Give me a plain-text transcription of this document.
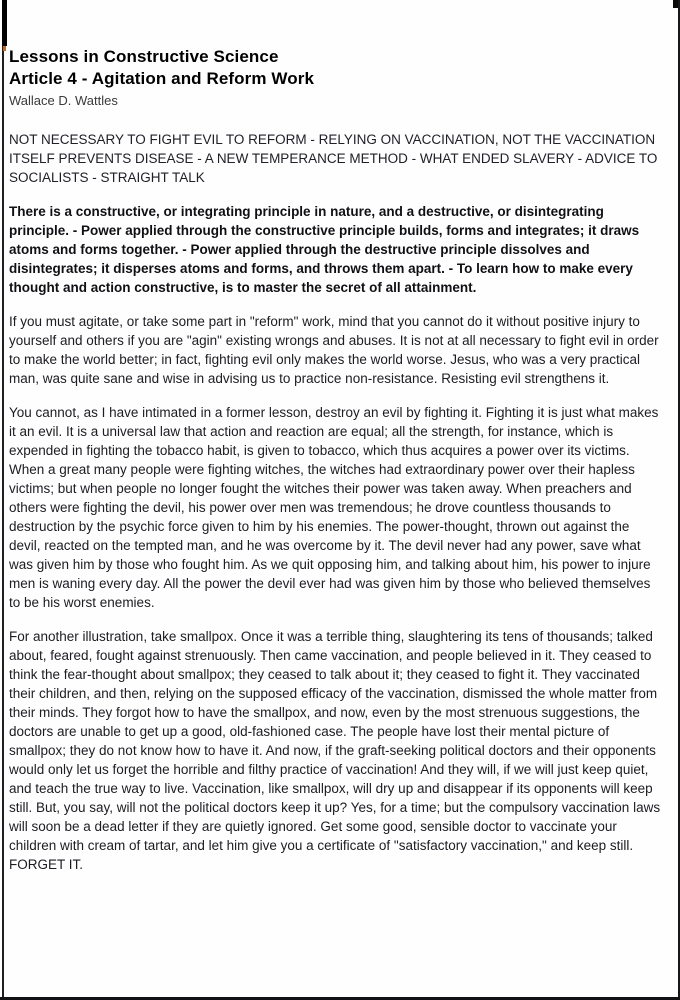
Lessons in Constructive Science
Article 4 - Agitation and Reform Work
Wallace D. Wattles

NOT NECESSARY TO FIGHT EVIL TO REFORM - RELYING ON VACCINATION, NOT THE VACCINATION ITSELF PREVENTS DISEASE - A NEW TEMPERANCE METHOD - WHAT ENDED SLAVERY - ADVICE TO SOCIALISTS - STRAIGHT TALK

There is a constructive, or integrating principle in nature, and a destructive, or disintegrating principle. - Power applied through the constructive principle builds, forms and integrates; it draws atoms and forms together. - Power applied through the destructive principle dissolves and disintegrates; it disperses atoms and forms, and throws them apart. - To learn how to make every thought and action constructive, is to master the secret of all attainment.

If you must agitate, or take some part in "reform" work, mind that you cannot do it without positive injury to yourself and others if you are "agin" existing wrongs and abuses. It is not at all necessary to fight evil in order to make the world better; in fact, fighting evil only makes the world worse. Jesus, who was a very practical man, was quite sane and wise in advising us to practice non-resistance. Resisting evil strengthens it.

You cannot, as I have intimated in a former lesson, destroy an evil by fighting it. Fighting it is just what makes it an evil. It is a universal law that action and reaction are equal; all the strength, for instance, which is expended in fighting the tobacco habit, is given to tobacco, which thus acquires a power over its victims. When a great many people were fighting witches, the witches had extraordinary power over their hapless victims; but when people no longer fought the witches their power was taken away. When preachers and others were fighting the devil, his power over men was tremendous; he drove countless thousands to destruction by the psychic force given to him by his enemies. The power-thought, thrown out against the devil, reacted on the tempted man, and he was overcome by it. The devil never had any power, save what was given him by those who fought him. As we quit opposing him, and talking about him, his power to injure men is waning every day. All the power the devil ever had was given him by those who believed themselves to be his worst enemies.

For another illustration, take smallpox. Once it was a terrible thing, slaughtering its tens of thousands; talked about, feared, fought against strenuously. Then came vaccination, and people believed in it. They ceased to think the fear-thought about smallpox; they ceased to talk about it; they ceased to fight it. They vaccinated their children, and then, relying on the supposed efficacy of the vaccination, dismissed the whole matter from their minds. They forgot how to have the smallpox, and now, even by the most strenuous suggestions, the doctors are unable to get up a good, old-fashioned case. The people have lost their mental picture of smallpox; they do not know how to have it. And now, if the graft-seeking political doctors and their opponents would only let us forget the horrible and filthy practice of vaccination! And they will, if we will just keep quiet, and teach the true way to live. Vaccination, like smallpox, will dry up and disappear if its opponents will keep still. But, you say, will not the political doctors keep it up? Yes, for a time; but the compulsory vaccination laws will soon be a dead letter if they are quietly ignored. Get some good, sensible doctor to vaccinate your children with cream of tartar, and let him give you a certificate of "satisfactory vaccination," and keep still. FORGET IT.
